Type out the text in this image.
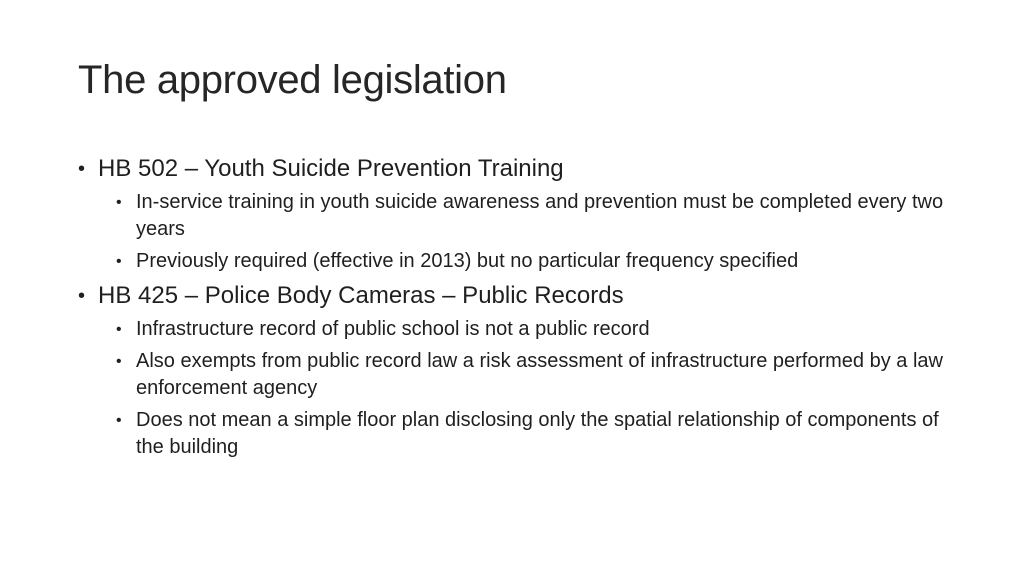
The approved legislation
• HB 502 – Youth Suicide Prevention Training
• In-service training in youth suicide awareness and prevention must be completed every two years
• Previously required (effective in 2013) but no particular frequency specified
• HB 425 – Police Body Cameras – Public Records
• Infrastructure record of public school is not a public record
• Also exempts from public record law a risk assessment of infrastructure performed by a law enforcement agency
• Does not mean a simple floor plan disclosing only the spatial relationship of components of the building
